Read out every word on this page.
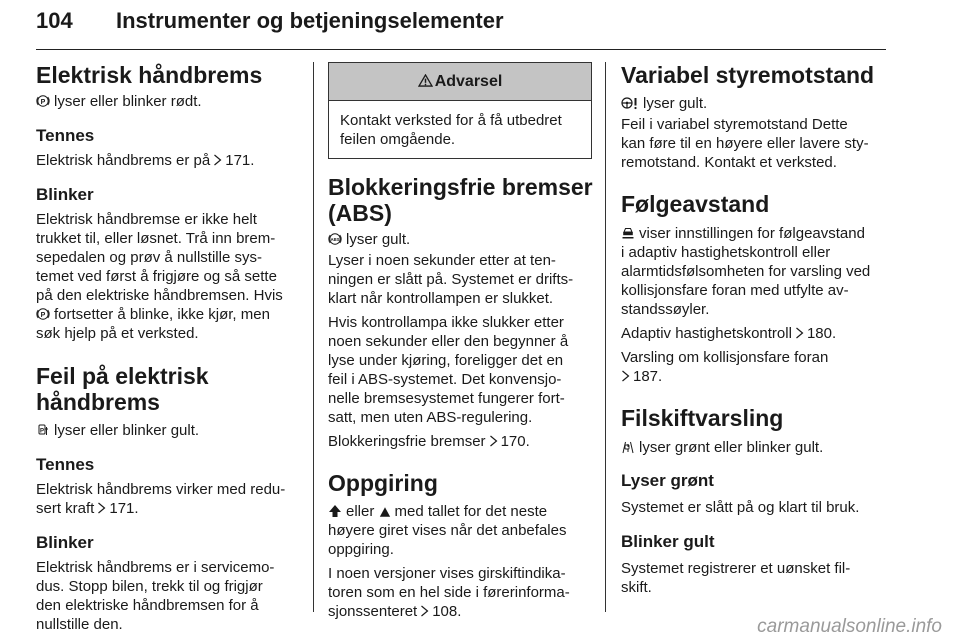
104 Instrumenter og betjeningselementer
Elektrisk håndbrems

P lyser eller blinker rødt.

Tennes

Elektrisk håndbrems er på 171.

Blinker

Elektrisk håndbremse er ikke helt
trukket til, eller løsnet. Trå inn brem-
sepedalen og prøv å nullstille sys-
temet ved først å frigjøre og så sette
på den elektriske håndbremsen. Hvis
P fortsetter å blinke, ikke kjør, men
søk hjelp på et verksted.

Feil på elektrisk håndbrems

P lyser eller blinker gult.

Tennes

Elektrisk håndbrems virker med redu-
sert kraft 171.

Blinker

Elektrisk håndbrems er i servicemo-
dus. Stopp bilen, trekk til og frigjør
den elektriske håndbremsen for å
nullstille den.

Advarsel

Kontakt verksted for å få utbedret
feilen omgående.

Blokkeringsfrie bremser
(ABS)

ABS lyser gult.

Lyser i noen sekunder etter at ten-
ningen er slått på. Systemet er drifts-
klart når kontrollampen er slukket.

Hvis kontrollampa ikke slukker etter
noen sekunder eller den begynner å
lyse under kjøring, foreligger det en
feil i ABS-systemet. Det konvensjo-
nelle bremsesystemet fungerer fort-
satt, men uten ABS-regulering.

Blokkeringsfrie bremser 170.

Oppgiring

eller med tallet for det neste
høyere giret vises når det anbefales
oppgiring.

I noen versjoner vises girskiftindika-
toren som en hel side i førerinforma-
sjonssenteret 108.

Variabel styremotstand

lyser gult.

Feil i variabel styremotstand Dette
kan føre til en høyere eller lavere sty-
remotstand. Kontakt et verksted.

Følgeavstand

viser innstillingen for følgeavstand
i adaptiv hastighetskontroll eller
alarmtidsfølsomheten for varsling ved
kollisjonsfare foran med utfylte av-
standssøyler.

Adaptiv hastighetskontroll 180.

Varsling om kollisjonsfare foran
187.

Filskiftvarsling

lyser grønt eller blinker gult.

Lyser grønt

Systemet er slått på og klart til bruk.

Blinker gult

Systemet registrerer et uønsket fil-
skift.

carmanualsonline.info
